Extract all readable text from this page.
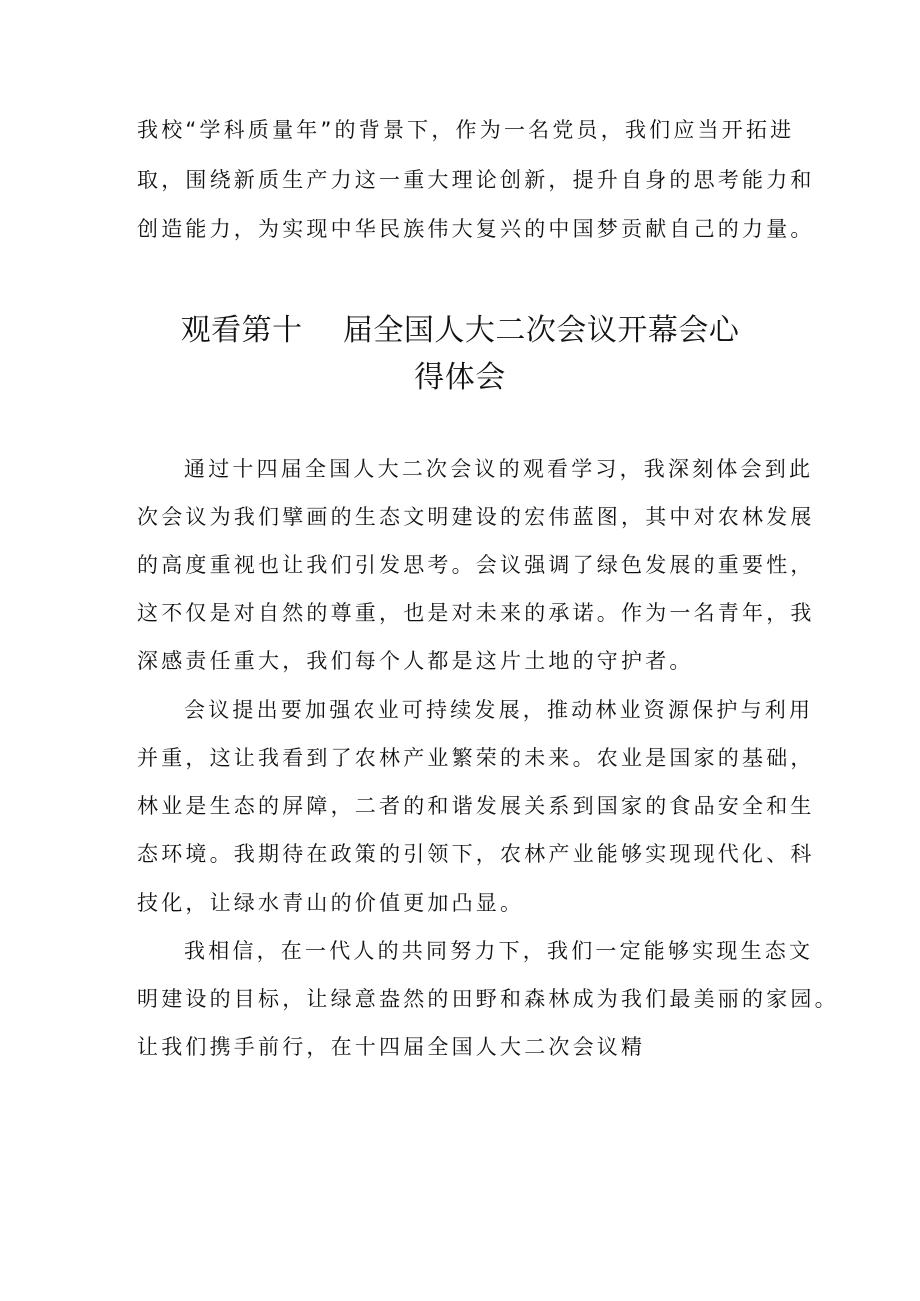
我校“学科质量年”的背景下，作为一名党员，我们应当开拓进
取，围绕新质生产力这一重大理论创新，提升自身的思考能力和
创造能力，为实现中华民族伟大复兴的中国梦贡献自己的力量。
观看第十    届全国人大二次会议开幕会心
得体会
通过十四届全国人大二次会议的观看学习，我深刻体会到此
次会议为我们擘画的生态文明建设的宏伟蓝图，其中对农林发展
的高度重视也让我们引发思考。会议强调了绿色发展的重要性，
这不仅是对自然的尊重，也是对未来的承诺。作为一名青年，我
深感责任重大，我们每个人都是这片土地的守护者。
会议提出要加强农业可持续发展，推动林业资源保护与利用
并重，这让我看到了农林产业繁荣的未来。农业是国家的基础，
林业是生态的屏障，二者的和谐发展关系到国家的食品安全和生
态环境。我期待在政策的引领下，农林产业能够实现现代化、科
技化，让绿水青山的价值更加凸显。
我相信，在一代人的共同努力下，我们一定能够实现生态文
明建设的目标，让绿意盎然的田野和森林成为我们最美丽的家园。
让我们携手前行，在十四届全国人大二次会议精
